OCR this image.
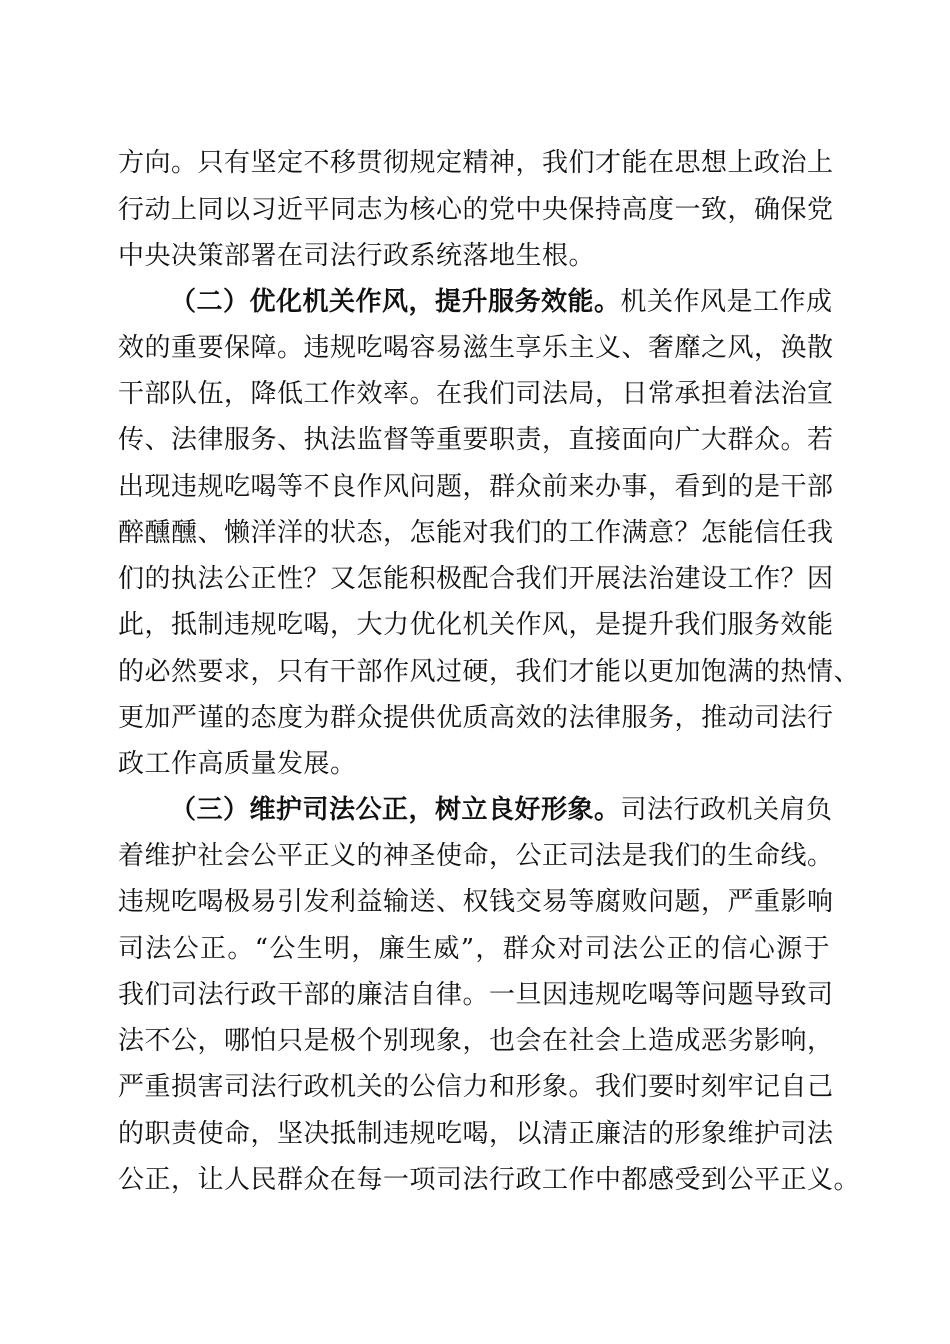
方向。只有坚定不移贯彻规定精神，我们才能在思想上政治上
行动上同以习近平同志为核心的党中央保持高度一致，确保党
中央决策部署在司法行政系统落地生根。
（二）优化机关作风，提升服务效能。机关作风是工作成
效的重要保障。违规吃喝容易滋生享乐主义、奢靡之风，涣散
干部队伍，降低工作效率。在我们司法局，日常承担着法治宣
传、法律服务、执法监督等重要职责，直接面向广大群众。若
出现违规吃喝等不良作风问题，群众前来办事，看到的是干部
醉醺醺、懒洋洋的状态，怎能对我们的工作满意？怎能信任我
们的执法公正性？又怎能积极配合我们开展法治建设工作？因
此，抵制违规吃喝，大力优化机关作风，是提升我们服务效能
的必然要求，只有干部作风过硬，我们才能以更加饱满的热情、
更加严谨的态度为群众提供优质高效的法律服务，推动司法行
政工作高质量发展。
（三）维护司法公正，树立良好形象。司法行政机关肩负
着维护社会公平正义的神圣使命，公正司法是我们的生命线。
违规吃喝极易引发利益输送、权钱交易等腐败问题，严重影响
司法公正。“公生明，廉生威”，群众对司法公正的信心源于
我们司法行政干部的廉洁自律。一旦因违规吃喝等问题导致司
法不公，哪怕只是极个别现象，也会在社会上造成恶劣影响，
严重损害司法行政机关的公信力和形象。我们要时刻牢记自己
的职责使命，坚决抵制违规吃喝，以清正廉洁的形象维护司法
公正，让人民群众在每一项司法行政工作中都感受到公平正义。
